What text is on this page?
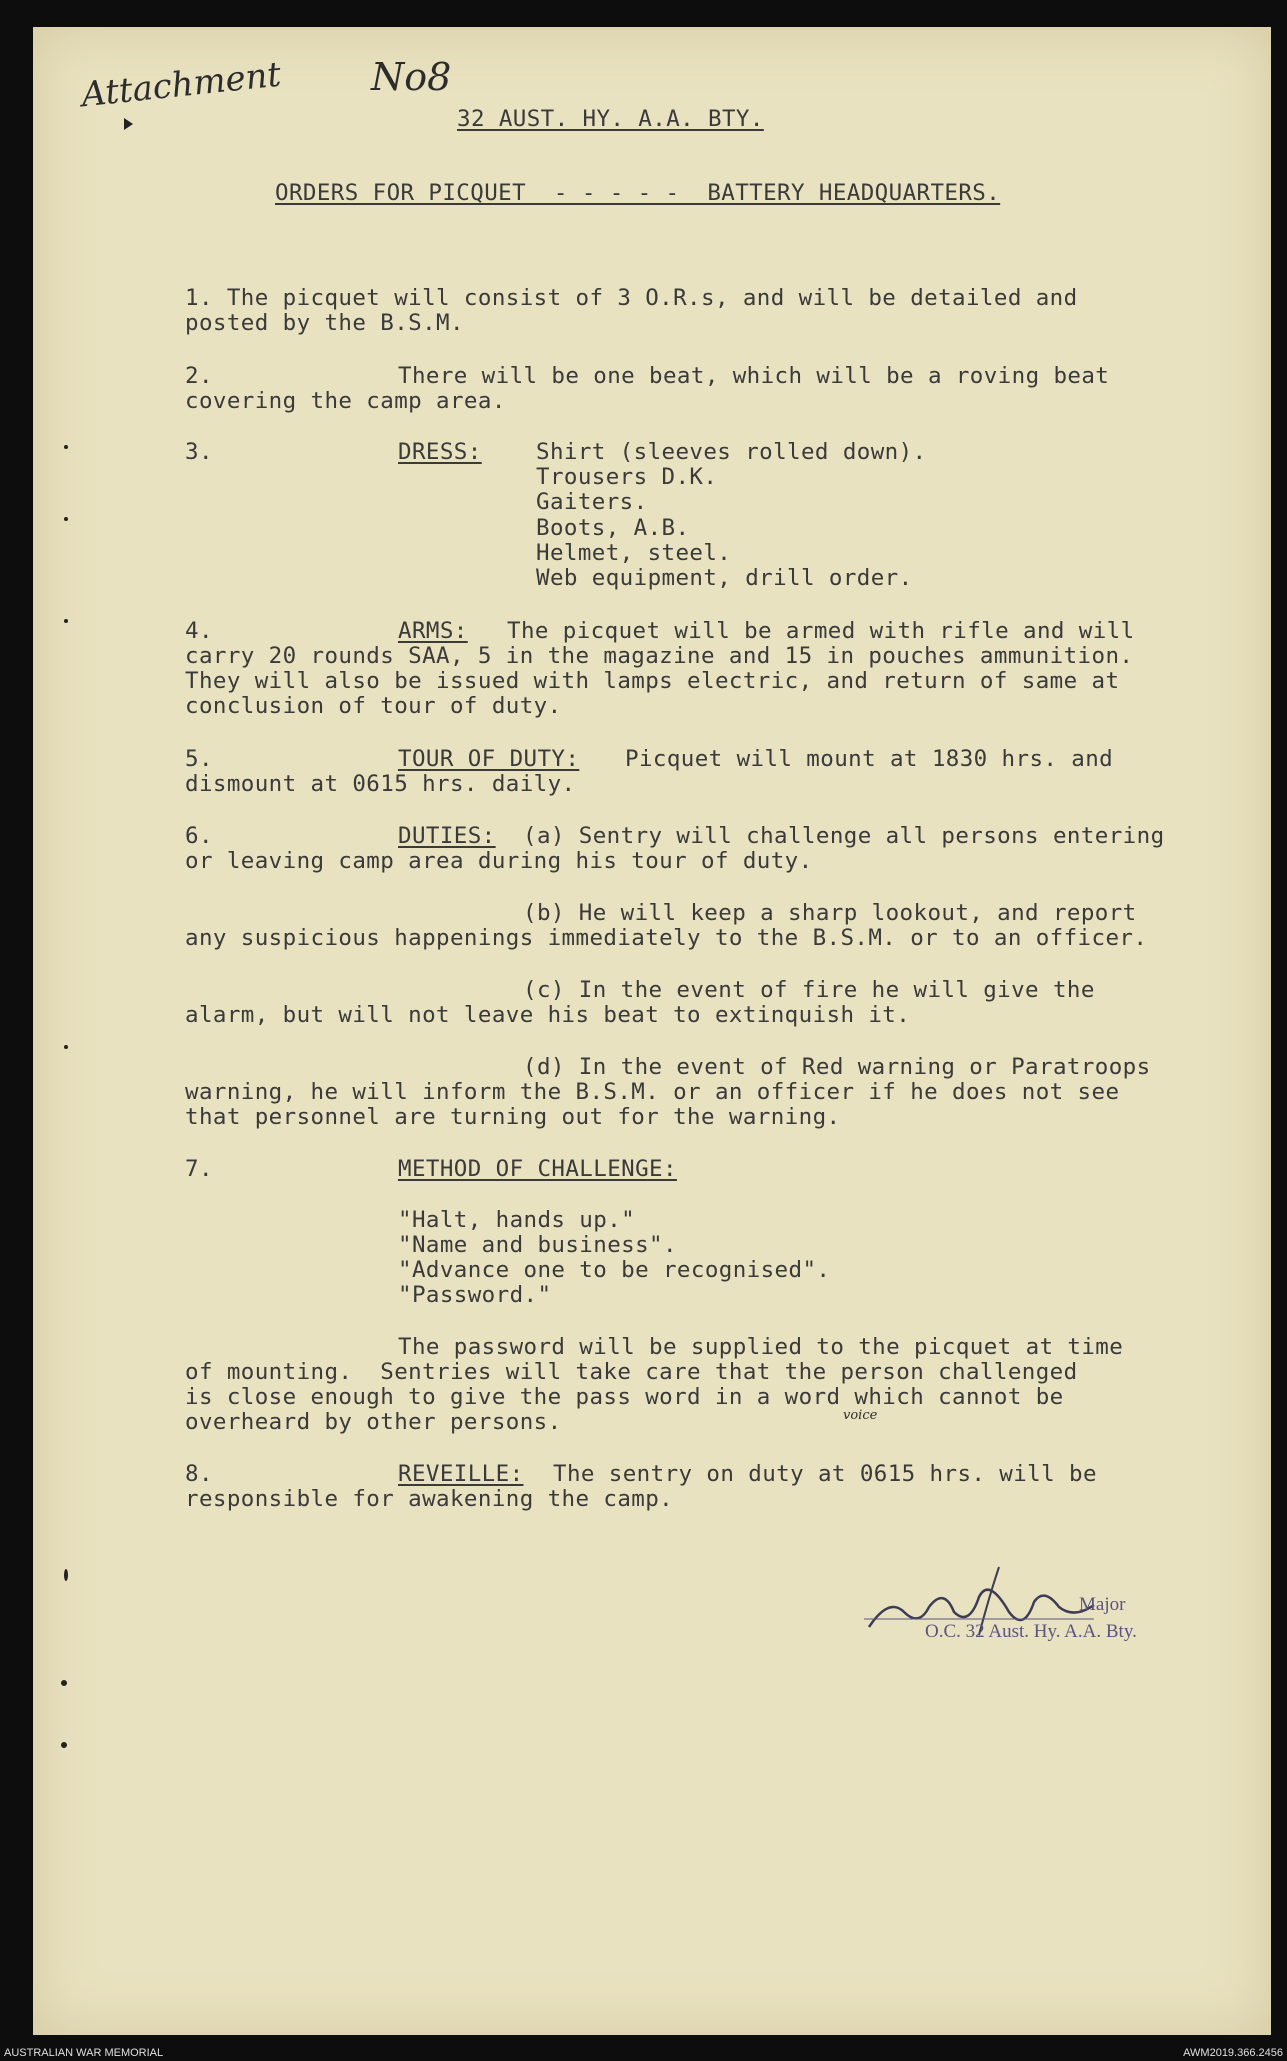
Attachment No8
32 AUST. HY. A.A. BTY.
ORDERS FOR PICQUET  - - - - -  BATTERY HEADQUARTERS.
1. The picquet will consist of 3 O.R.s, and will be detailed and
posted by the B.S.M.
2.	There will be one beat, which will be a roving beat
covering the camp area.
3.	DRESS: Shirt (sleeves rolled down).
Trousers D.K.
Gaiters.
Boots, A.B.
Helmet, steel.
Web equipment, drill order.
4.	ARMS: The picquet will be armed with rifle and will
carry 20 rounds SAA, 5 in the magazine and 15 in pouches ammunition.
They will also be issued with lamps electric, and return of same at
conclusion of tour of duty.
5.	TOUR OF DUTY: Picquet will mount at 1830 hrs. and
dismount at 0615 hrs. daily.
6.	DUTIES: (a) Sentry will challenge all persons entering
or leaving camp area during his tour of duty.
(b) He will keep a sharp lookout, and report
any suspicious happenings immediately to the B.S.M. or to an officer.
(c) In the event of fire he will give the
alarm, but will not leave his beat to extinquish it.
(d) In the event of Red warning or Paratroops
warning, he will inform the B.S.M. or an officer if he does not see
that personnel are turning out for the warning.
7.	METHOD OF CHALLENGE:
"Halt, hands up."
"Name and business".
"Advance one to be recognised".
"Password."
The password will be supplied to the picquet at time
of mounting.  Sentries will take care that the person challenged
is close enough to give the pass word in a word which cannot be
overheard by other persons.	voice
8.	REVEILLE: The sentry on duty at 0615 hrs. will be
responsible for awakening the camp.
Major
O.C. 32 Aust. Hy. A.A. Bty.
AUSTRALIAN WAR MEMORIAL	AWM2019.366.2456
